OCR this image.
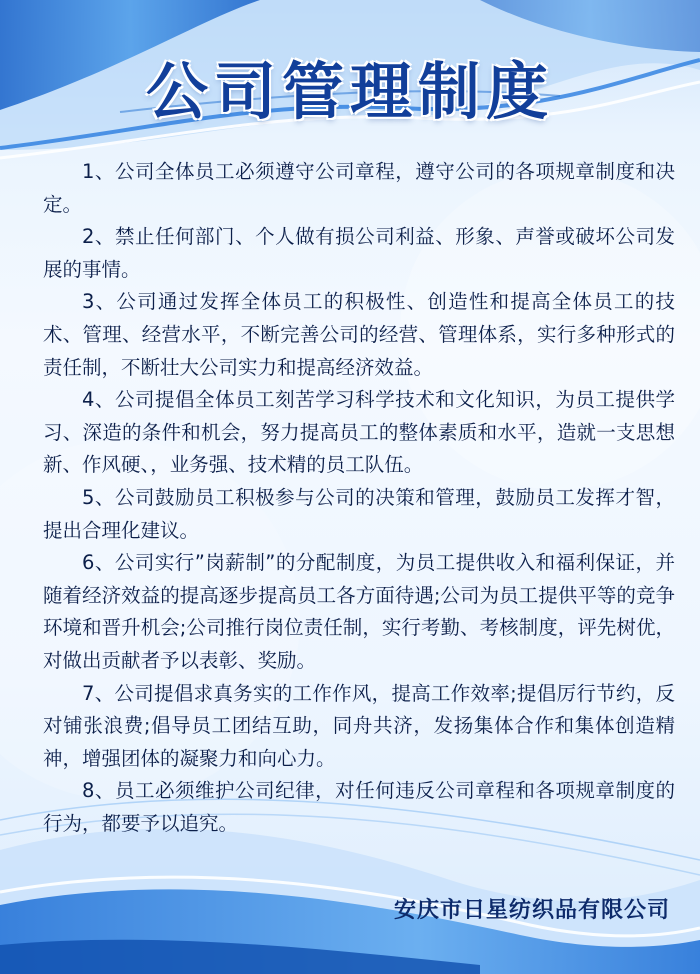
公司管理制度

1、公司全体员工必须遵守公司章程，遵守公司的各项规章制度和决定。

2、禁止任何部门、个人做有损公司利益、形象、声誉或破坏公司发展的事情。

3、公司通过发挥全体员工的积极性、创造性和提高全体员工的技术、管理、经营水平，不断完善公司的经营、管理体系，实行多种形式的责任制，不断壮大公司实力和提高经济效益。

4、公司提倡全体员工刻苦学习科学技术和文化知识，为员工提供学习、深造的条件和机会，努力提高员工的整体素质和水平，造就一支思想新、作风硬、，业务强、技术精的员工队伍。

5、公司鼓励员工积极参与公司的决策和管理，鼓励员工发挥才智，提出合理化建议。

6、公司实行”岗薪制”的分配制度，为员工提供收入和福利保证，并随着经济效益的提高逐步提高员工各方面待遇;公司为员工提供平等的竞争环境和晋升机会;公司推行岗位责任制，实行考勤、考核制度，评先树优，对做出贡献者予以表彰、奖励。

7、公司提倡求真务实的工作作风，提高工作效率;提倡厉行节约，反对铺张浪费;倡导员工团结互助，同舟共济，发扬集体合作和集体创造精神，增强团体的凝聚力和向心力。

8、员工必须维护公司纪律，对任何违反公司章程和各项规章制度的行为，都要予以追究。

安庆市日星纺织品有限公司
